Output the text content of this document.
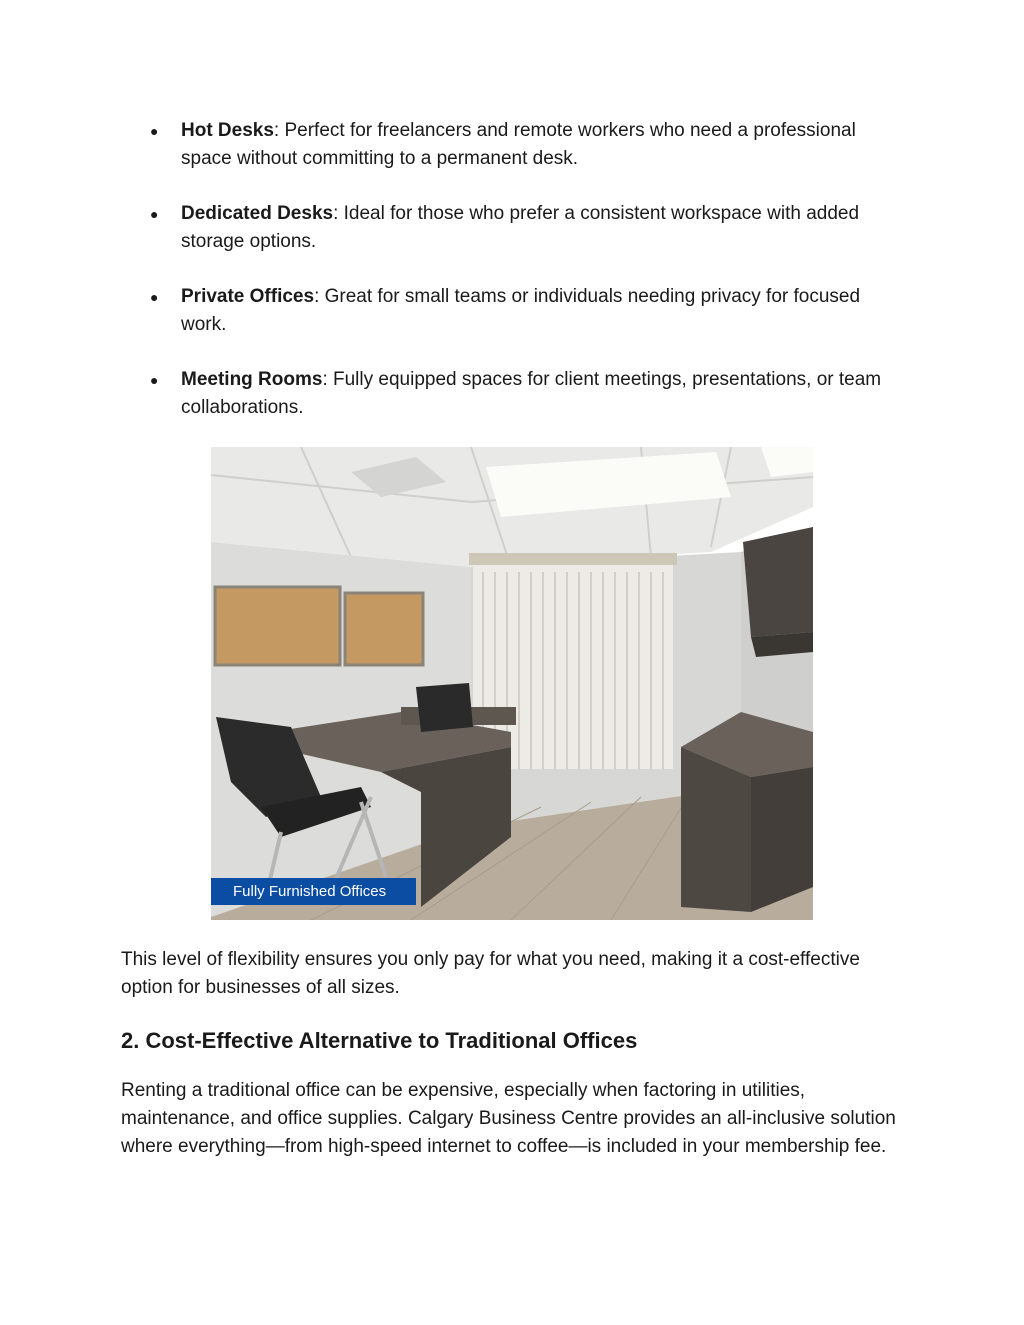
● Hot Desks: Perfect for freelancers and remote workers who need a professional space without committing to a permanent desk.
● Dedicated Desks: Ideal for those who prefer a consistent workspace with added storage options.
● Private Offices: Great for small teams or individuals needing privacy for focused work.
● Meeting Rooms: Fully equipped spaces for client meetings, presentations, or team collaborations.
Fully Furnished Offices

This level of flexibility ensures you only pay for what you need, making it a cost-effective option for businesses of all sizes.

2. Cost-Effective Alternative to Traditional Offices

Renting a traditional office can be expensive, especially when factoring in utilities, maintenance, and office supplies. Calgary Business Centre provides an all-inclusive solution where everything—from high-speed internet to coffee—is included in your membership fee.
